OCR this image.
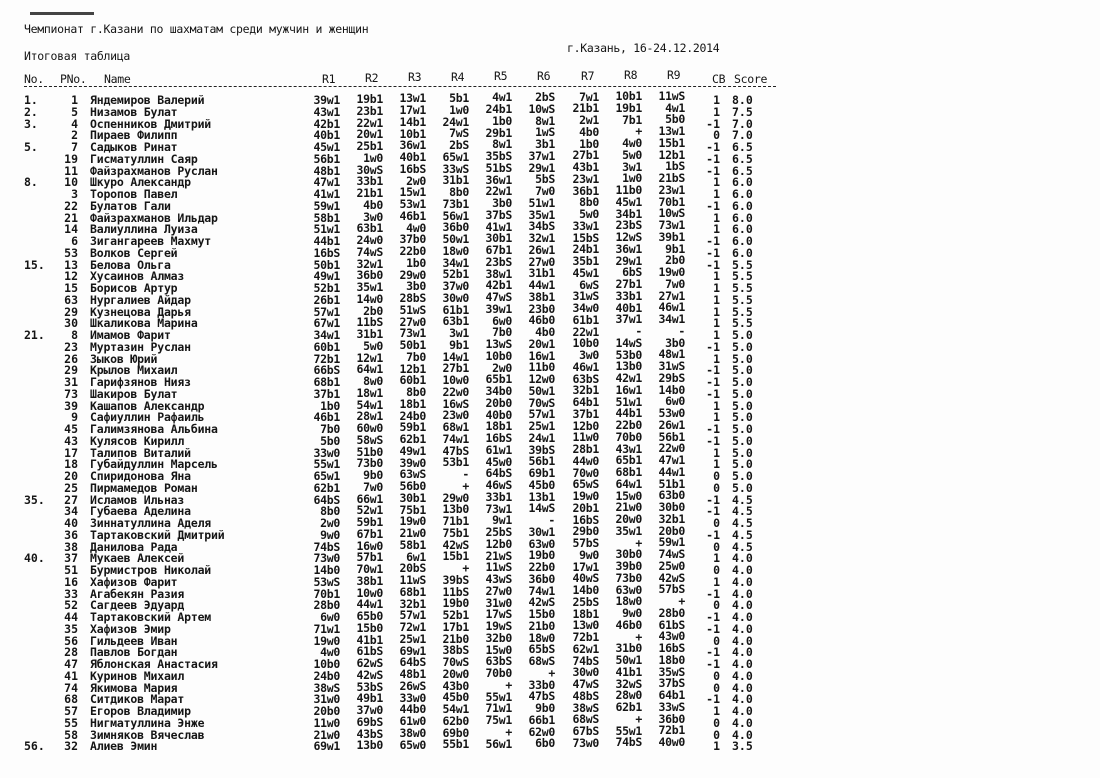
Чемпионат г.Казани по шахматам среди мужчин и женщин
Итоговая таблица
г.Казань, 16-24.12.2014
No. PNo. Name	R1	R2	R3	R4	R5	R6	R7	R8	R9	CB Score
1.	1 Яндемиров Валерий	39w1	19b1	13w1	5b1	4w1	2bS	7w1	10b1	11wS	1 8.0
2.	5 Низамов Булат	43w1	23b1	17w1	1w0	24b1	10wS	21b1	19b1	4w1	1 7.5
3.	4 Оспенников Дмитрий	42b1	22w1	14b1	24w1	1b0	8w1	2w1	7b1	5b0	-1 7.0
2 Пираев Филипп	40b1	20w1	10b1	7wS	29b1	1wS	4b0	+	13w1	0 7.0
5.	7 Садыков Ринат	45w1	25b1	36w1	2bS	8w1	3b1	1b0	4w0	15b1	-1 6.5
19 Гисматуллин Саяр	56b1	1w0	40b1	65w1	35bS	37w1	27b1	5w0	12b1	-1 6.5
11 Файзрахманов Руслан	48b1	30wS	16bS	33wS	51bS	29w1	43b1	3w1	1bS	-1 6.5
8.	10 Шкуро Александр	47w1	33b1	2w0	31b1	36w1	5bS	23w1	1w0	21bS	1 6.0
3 Торопов Павел	41w1	21b1	15w1	8b0	22w1	7w0	36b1	11b0	23w1	1 6.0
22 Булатов Гали	59w1	4b0	53w1	73b1	3b0	51w1	8b0	45w1	70b1	-1 6.0
21 Файзрахманов Ильдар	58b1	3w0	46b1	56w1	37bS	35w1	5w0	34b1	10wS	1 6.0
14 Валиуллина Луиза	51w1	63b1	4w0	36b0	41w1	34bS	33w1	23bS	73w1	1 6.0
6 Зигангареев Махмут	44b1	24w0	37b0	50w1	30b1	32w1	15bS	12wS	39b1	-1 6.0
53 Волков Сергей	16bS	74wS	22b0	18w0	67b1	26w1	24b1	36w1	9b1	-1 6.0
15.	13 Белова Ольга	50b1	32w1	1b0	34w1	23bS	27w0	35b1	29w1	2b0	-1 5.5
12 Хусаинов Алмаз	49w1	36b0	29w0	52b1	38w1	31b1	45w1	6bS	19w0	1 5.5
15 Борисов Артур	52b1	35w1	3b0	37w0	42b1	44w1	6wS	27b1	7w0	1 5.5
63 Нургалиев Айдар	26b1	14w0	28bS	30w0	47wS	38b1	31wS	33b1	27w1	1 5.5
29 Кузнецова Дарья	57w1	2b0	51wS	61b1	39w1	23b0	34w0	40b1	46w1	1 5.5
30 Шкаликова Марина	67w1	11bS	27w0	63b1	6w0	46b0	61b1	37w1	34w1	1 5.5
21.	8 Имамов Фарит	34w1	31b1	73w1	3w1	7b0	4b0	22w1	-	-	1 5.0
23 Муртазин Руслан	60b1	5w0	50b1	9b1	13wS	20w1	10b0	14wS	3b0	-1 5.0
26 Зыков Юрий	72b1	12w1	7b0	14w1	10b0	16w1	3w0	53b0	48w1	1 5.0
29 Крылов Михаил	66bS	64w1	12b1	27b1	2w0	11b0	46w1	13b0	31wS	-1 5.0
31 Гарифзянов Нияз	68b1	8w0	60b1	10w0	65b1	12w0	63bS	42w1	29bS	-1 5.0
73 Шакиров Булат	37b1	18w1	8b0	22w0	34b0	50w1	32b1	16w1	14b0	-1 5.0
39 Кашапов Александр	1b0	54w1	18b1	16wS	20b0	70wS	64b1	51w1	6w0	1 5.0
9 Сафиуллин Рафаиль	46b1	28w1	24b0	23w0	40b0	57w1	37b1	44b1	53w0	1 5.0
45 Галимзянова Альбина	7b0	60w0	59b1	68w1	18b1	25w1	12b0	22b0	26w1	-1 5.0
43 Кулясов Кирилл	5b0	58wS	62b1	74w1	16bS	24w1	11w0	70b0	56b1	-1 5.0
17 Талипов Виталий	33w0	51b0	49w1	47bS	61w1	39bS	28b1	43w1	22w0	1 5.0
18 Губайдуллин Марсель	55w1	73b0	39w0	53b1	45w0	56b1	44w0	65b1	47w1	1 5.0
20 Спиридонова Яна	65w1	9b0	63wS	-	64bS	69b1	70w0	68b1	44w1	0 5.0
25 Пирмамедов Роман	62b1	7w0	56b0	+	46wS	45b0	65wS	64w1	51b1	0 5.0
35.	27 Исламов Ильназ	64bS	66w1	30b1	29w0	33b1	13b1	19w0	15w0	63b0	-1 4.5
34 Губаева Аделина	8b0	52w1	75b1	13b0	73w1	14wS	20b1	21w0	30b0	-1 4.5
40 Зиннатуллина Аделя	2w0	59b1	19w0	71b1	9w1	-	16bS	20w0	32b1	0 4.5
36 Тартаковский Дмитрий	9w0	67b1	21w0	75b1	25bS	30w1	29b0	35w1	20b0	-1 4.5
38 Данилова Рада	74bS	16w0	58b1	42wS	12b0	63w0	57bS	+	59w1	0 4.5
40.	37 Мукаев Алексей	73w0	57b1	6w1	15b1	21wS	19b0	9w0	30b0	74wS	1 4.0
51 Бурмистров Николай	14b0	70w1	20bS	+	11wS	22b0	17w1	39b0	25w0	0 4.0
16 Хафизов Фарит	53wS	38b1	11wS	39bS	43wS	36b0	40wS	73b0	42wS	1 4.0
33 Агабекян Разия	70b1	10w0	68b1	11bS	27w0	74w1	14b0	63w0	57bS	-1 4.0
52 Сагдеев Эдуард	28b0	44w1	32b1	19b0	31w0	42wS	25bS	18w0	+	0 4.0
44 Тартаковский Артем	6w0	65b0	57w1	52b1	17wS	15b0	18b1	9w0	28b0	-1 4.0
35 Хафизов Эмир	71w1	15b0	72w1	17b1	19wS	21b0	13w0	46b0	61bS	-1 4.0
56 Гильдеев Иван	19w0	41b1	25w1	21b0	32b0	18w0	72b1	+	43w0	0 4.0
28 Павлов Богдан	4w0	61bS	69w1	38bS	15w0	65bS	62w1	31b0	16bS	-1 4.0
47 Яблонская Анастасия	10b0	62wS	64bS	70wS	63bS	68wS	74bS	50w1	18b0	-1 4.0
41 Куринов Михаил	24b0	42wS	48b1	20w0	70b0	+	30w0	41b1	35wS	0 4.0
74 Якимова Мария	38wS	53bS	26wS	43b0	+	33b0	47wS	32wS	37bS	0 4.0
68 Ситдиков Марат	31w0	49b1	33w0	45b0	55w1	47bS	48bS	28w0	64b1	-1 4.0
57 Егоров Владимир	20b0	37w0	44b0	54w1	71w1	9b0	38wS	62b1	33wS	1 4.0
55 Нигматуллина Энже	11w0	69bS	61w0	62b0	75w1	66b1	68wS	+	36b0	0 4.0
58 Зимняков Вячеслав	21w0	43bS	38w0	69b0	+	62w0	67bS	55w1	72b1	0 4.0
56.	32 Алиев Эмин	69w1	13b0	65w0	55b1	56w1	6b0	73w0	74bS	40w0	1 3.5
